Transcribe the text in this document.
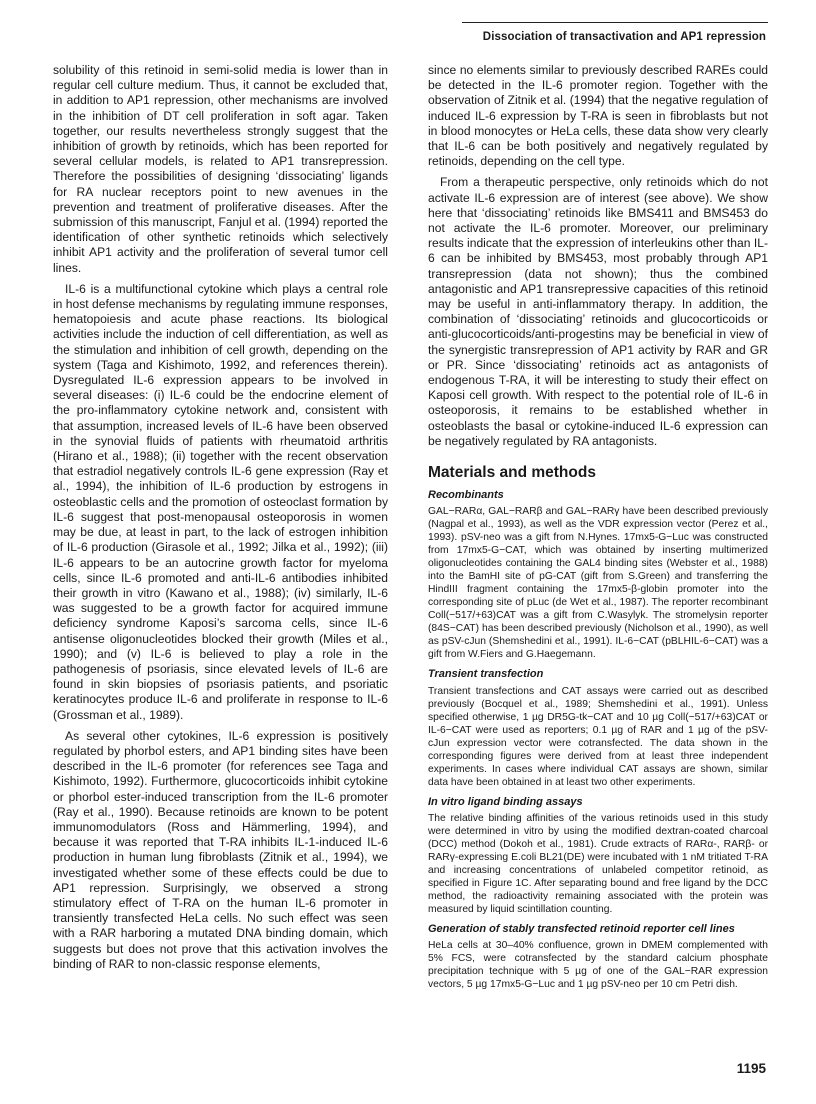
Dissociation of transactivation and AP1 repression

solubility of this retinoid in semi-solid media is lower than in regular cell culture medium. Thus, it cannot be excluded that, in addition to AP1 repression, other mechanisms are involved in the inhibition of DT cell proliferation in soft agar. Taken together, our results nevertheless strongly suggest that the inhibition of growth by retinoids, which has been reported for several cellular models, is related to AP1 transrepression. Therefore the possibilities of designing ‘dissociating’ ligands for RA nuclear receptors point to new avenues in the prevention and treatment of proliferative diseases. After the submission of this manuscript, Fanjul et al. (1994) reported the identification of other synthetic retinoids which selectively inhibit AP1 activity and the proliferation of several tumor cell lines.

IL-6 is a multifunctional cytokine which plays a central role in host defense mechanisms by regulating immune responses, hematopoiesis and acute phase reactions. Its biological activities include the induction of cell differentiation, as well as the stimulation and inhibition of cell growth, depending on the system (Taga and Kishimoto, 1992, and references therein). Dysregulated IL-6 expression appears to be involved in several diseases: (i) IL-6 could be the endocrine element of the pro-inflammatory cytokine network and, consistent with that assumption, increased levels of IL-6 have been observed in the synovial fluids of patients with rheumatoid arthritis (Hirano et al., 1988); (ii) together with the recent observation that estradiol negatively controls IL-6 gene expression (Ray et al., 1994), the inhibition of IL-6 production by estrogens in osteoblastic cells and the promotion of osteoclast formation by IL-6 suggest that post-menopausal osteoporosis in women may be due, at least in part, to the lack of estrogen inhibition of IL-6 production (Girasole et al., 1992; Jilka et al., 1992); (iii) IL-6 appears to be an autocrine growth factor for myeloma cells, since IL-6 promoted and anti-IL-6 antibodies inhibited their growth in vitro (Kawano et al., 1988); (iv) similarly, IL-6 was suggested to be a growth factor for acquired immune deficiency syndrome Kaposi’s sarcoma cells, since IL-6 antisense oligonucleotides blocked their growth (Miles et al., 1990); and (v) IL-6 is believed to play a role in the pathogenesis of psoriasis, since elevated levels of IL-6 are found in skin biopsies of psoriasis patients, and psoriatic keratinocytes produce IL-6 and proliferate in response to IL-6 (Grossman et al., 1989).

As several other cytokines, IL-6 expression is positively regulated by phorbol esters, and AP1 binding sites have been described in the IL-6 promoter (for references see Taga and Kishimoto, 1992). Furthermore, glucocorticoids inhibit cytokine or phorbol ester-induced transcription from the IL-6 promoter (Ray et al., 1990). Because retinoids are known to be potent immunomodulators (Ross and Hämmerling, 1994), and because it was reported that T-RA inhibits IL-1-induced IL-6 production in human lung fibroblasts (Zitnik et al., 1994), we investigated whether some of these effects could be due to AP1 repression. Surprisingly, we observed a strong stimulatory effect of T-RA on the human IL-6 promoter in transiently transfected HeLa cells. No such effect was seen with a RAR harboring a mutated DNA binding domain, which suggests but does not prove that this activation involves the binding of RAR to non-classic response elements,

since no elements similar to previously described RAREs could be detected in the IL-6 promoter region. Together with the observation of Zitnik et al. (1994) that the negative regulation of induced IL-6 expression by T-RA is seen in fibroblasts but not in blood monocytes or HeLa cells, these data show very clearly that IL-6 can be both positively and negatively regulated by retinoids, depending on the cell type.

From a therapeutic perspective, only retinoids which do not activate IL-6 expression are of interest (see above). We show here that ‘dissociating’ retinoids like BMS411 and BMS453 do not activate the IL-6 promoter. Moreover, our preliminary results indicate that the expression of interleukins other than IL-6 can be inhibited by BMS453, most probably through AP1 transrepression (data not shown); thus the combined antagonistic and AP1 transrepressive capacities of this retinoid may be useful in anti-inflammatory therapy. In addition, the combination of ‘dissociating’ retinoids and glucocorticoids or anti-glucocorticoids/anti-progestins may be beneficial in view of the synergistic transrepression of AP1 activity by RAR and GR or PR. Since ‘dissociating’ retinoids act as antagonists of endogenous T-RA, it will be interesting to study their effect on Kaposi cell growth. With respect to the potential role of IL-6 in osteoporosis, it remains to be established whether in osteoblasts the basal or cytokine-induced IL-6 expression can be negatively regulated by RA antagonists.

Materials and methods
Recombinants

GAL−RARα, GAL−RARβ and GAL−RARγ have been described previously (Nagpal et al., 1993), as well as the VDR expression vector (Perez et al., 1993). pSV-neo was a gift from N.Hynes. 17mx5-G−Luc was constructed from 17mx5-G−CAT, which was obtained by inserting multimerized oligonucleotides containing the GAL4 binding sites (Webster et al., 1988) into the BamHI site of pG-CAT (gift from S.Green) and transferring the HindIII fragment containing the 17mx5-β-globin promoter into the corresponding site of pLuc (de Wet et al., 1987). The reporter recombinant Coll(−517/+63)CAT was a gift from C.Wasylyk. The stromelysin reporter (84S−CAT) has been described previously (Nicholson et al., 1990), as well as pSV-cJun (Shemshedini et al., 1991). IL-6−CAT (pBLHIL-6−CAT) was a gift from W.Fiers and G.Haegemann.

Transient transfection

Transient transfections and CAT assays were carried out as described previously (Bocquel et al., 1989; Shemshedini et al., 1991). Unless specified otherwise, 1 µg DR5G-tk−CAT and 10 µg Coll(−517/+63)CAT or IL-6−CAT were used as reporters; 0.1 µg of RAR and 1 µg of the pSV-cJun expression vector were cotransfected. The data shown in the corresponding figures were derived from at least three independent experiments. In cases where individual CAT assays are shown, similar data have been obtained in at least two other experiments.

In vitro ligand binding assays

The relative binding affinities of the various retinoids used in this study were determined in vitro by using the modified dextran-coated charcoal (DCC) method (Dokoh et al., 1981). Crude extracts of RARα-, RARβ- or RARγ-expressing E.coli BL21(DE) were incubated with 1 nM tritiated T-RA and increasing concentrations of unlabeled competitor retinoid, as specified in Figure 1C. After separating bound and free ligand by the DCC method, the radioactivity remaining associated with the protein was measured by liquid scintillation counting.

Generation of stably transfected retinoid reporter cell lines

HeLa cells at 30–40% confluence, grown in DMEM complemented with 5% FCS, were cotransfected by the standard calcium phosphate precipitation technique with 5 µg of one of the GAL−RAR expression vectors, 5 µg 17mx5-G−Luc and 1 µg pSV-neo per 10 cm Petri dish.

1195
